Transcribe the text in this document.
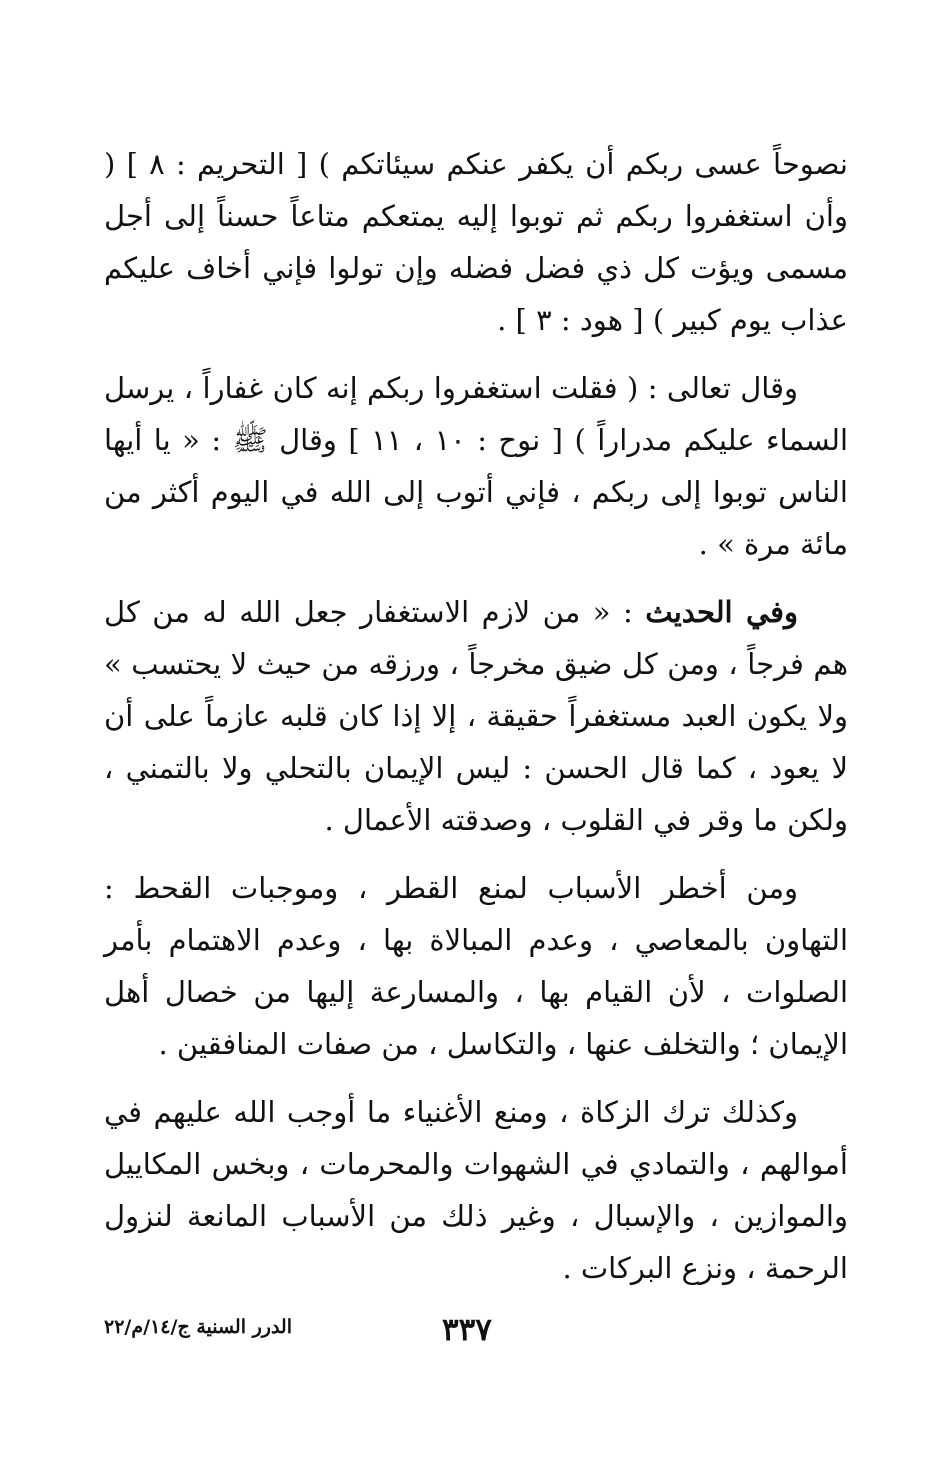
نصوحاً عسى ربكم أن يكفر عنكم سيئاتكم ) [ التحريم : ٨ ] ( وأن استغفروا ربكم ثم توبوا إليه يمتعكم متاعاً حسناً إلى أجل مسمى ويؤت كل ذي فضل فضله وإن تولوا فإني أخاف عليكم عذاب يوم كبير ) [ هود : ٣ ] .

وقال تعالى : ( فقلت استغفروا ربكم إنه كان غفاراً ، يرسل السماء عليكم مدراراً ) [ نوح : ١٠ ، ١١ ] وقال ﷺ : « يا أيها الناس توبوا إلى ربكم ، فإني أتوب إلى الله في اليوم أكثر من مائة مرة » .

وفي الحديث : « من لازم الاستغفار جعل الله له من كل هم فرجاً ، ومن كل ضيق مخرجاً ، ورزقه من حيث لا يحتسب » ولا يكون العبد مستغفراً حقيقة ، إلا إذا كان قلبه عازماً على أن لا يعود ، كما قال الحسن : ليس الإيمان بالتحلي ولا بالتمني ، ولكن ما وقر في القلوب ، وصدقته الأعمال .

ومن أخطر الأسباب لمنع القطر ، وموجبات القحط : التهاون بالمعاصي ، وعدم المبالاة بها ، وعدم الاهتمام بأمر الصلوات ، لأن القيام بها ، والمسارعة إليها من خصال أهل الإيمان ؛ والتخلف عنها ، والتكاسل ، من صفات المنافقين .

وكذلك ترك الزكاة ، ومنع الأغنياء ما أوجب الله عليهم في أموالهم ، والتمادي في الشهوات والمحرمات ، وبخس المكاييل والموازين ، والإسبال ، وغير ذلك من الأسباب المانعة لنزول الرحمة ، ونزع البركات .

٣٣٧
الدرر السنية ج/١٤/م/٢٢
